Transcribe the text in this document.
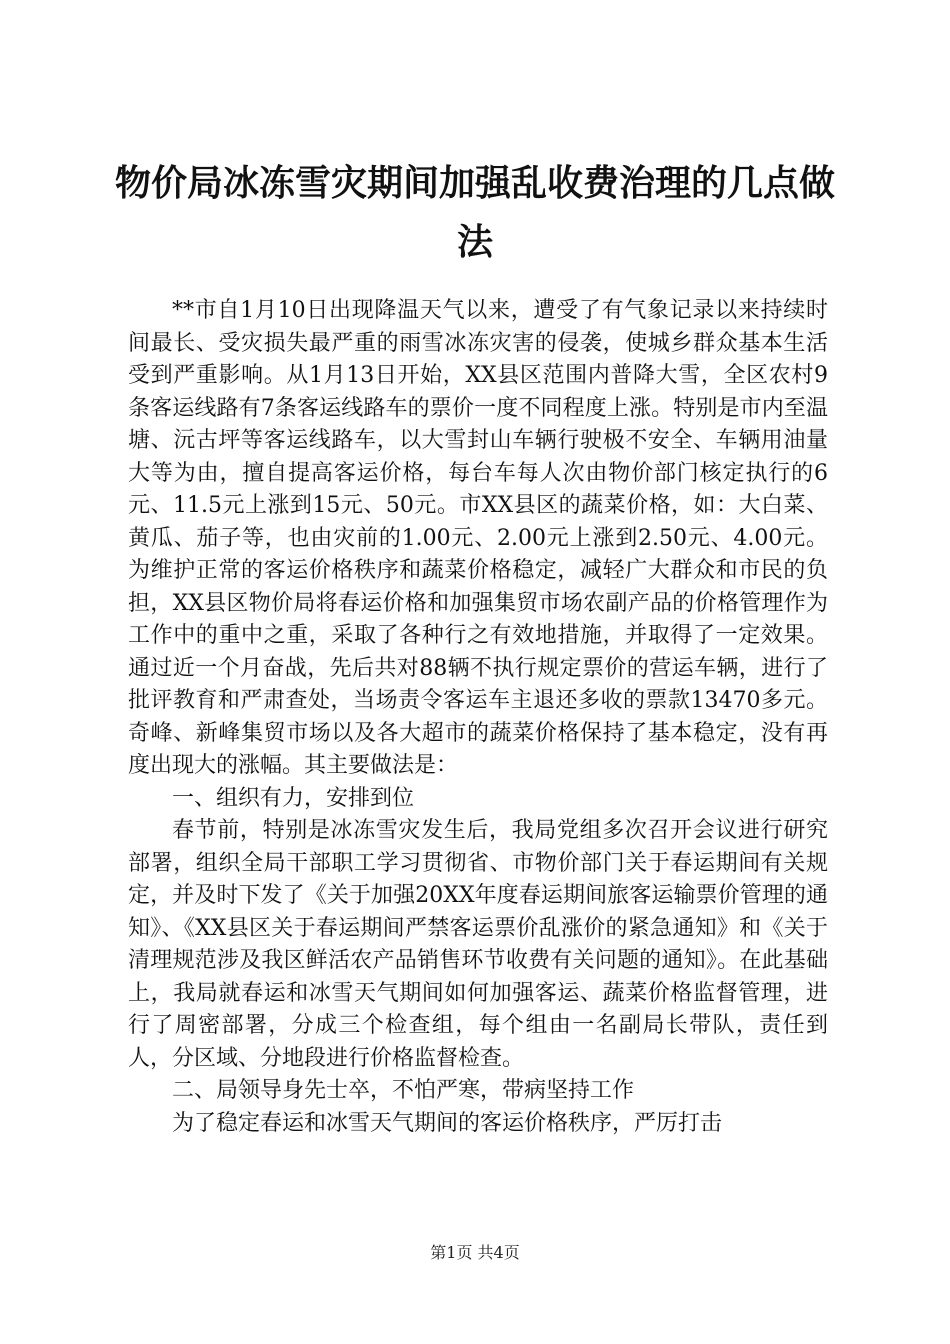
物价局冰冻雪灾期间加强乱收费治理的几点做
法

**市自1月10日出现降温天气以来，遭受了有气象记录以来持续时间最长、受灾损失最严重的雨雪冰冻灾害的侵袭，使城乡群众基本生活受到严重影响。从1月13日开始，XX县区范围内普降大雪，全区农村9条客运线路有7条客运线路车的票价一度不同程度上涨。特别是市内至温塘、沅古坪等客运线路车，以大雪封山车辆行驶极不安全、车辆用油量大等为由，擅自提高客运价格，每台车每人次由物价部门核定执行的6元、11.5元上涨到15元、50元。市XX县区的蔬菜价格，如：大白菜、黄瓜、茄子等，也由灾前的1.00元、2.00元上涨到2.50元、4.00元。为维护正常的客运价格秩序和蔬菜价格稳定，减轻广大群众和市民的负担，XX县区物价局将春运价格和加强集贸市场农副产品的价格管理作为工作中的重中之重，采取了各种行之有效地措施，并取得了一定效果。通过近一个月奋战，先后共对88辆不执行规定票价的营运车辆，进行了批评教育和严肃查处，当场责令客运车主退还多收的票款13470多元。奇峰、新峰集贸市场以及各大超市的蔬菜价格保持了基本稳定，没有再度出现大的涨幅。其主要做法是：

一、组织有力，安排到位

春节前，特别是冰冻雪灾发生后，我局党组多次召开会议进行研究部署，组织全局干部职工学习贯彻省、市物价部门关于春运期间有关规定，并及时下发了《关于加强20XX年度春运期间旅客运输票价管理的通知》、《XX县区关于春运期间严禁客运票价乱涨价的紧急通知》和《关于清理规范涉及我区鲜活农产品销售环节收费有关问题的通知》。在此基础上，我局就春运和冰雪天气期间如何加强客运、蔬菜价格监督管理，进行了周密部署，分成三个检查组，每个组由一名副局长带队，责任到人，分区域、分地段进行价格监督检查。

二、局领导身先士卒，不怕严寒，带病坚持工作

为了稳定春运和冰雪天气期间的客运价格秩序，严厉打击

第1页 共4页
